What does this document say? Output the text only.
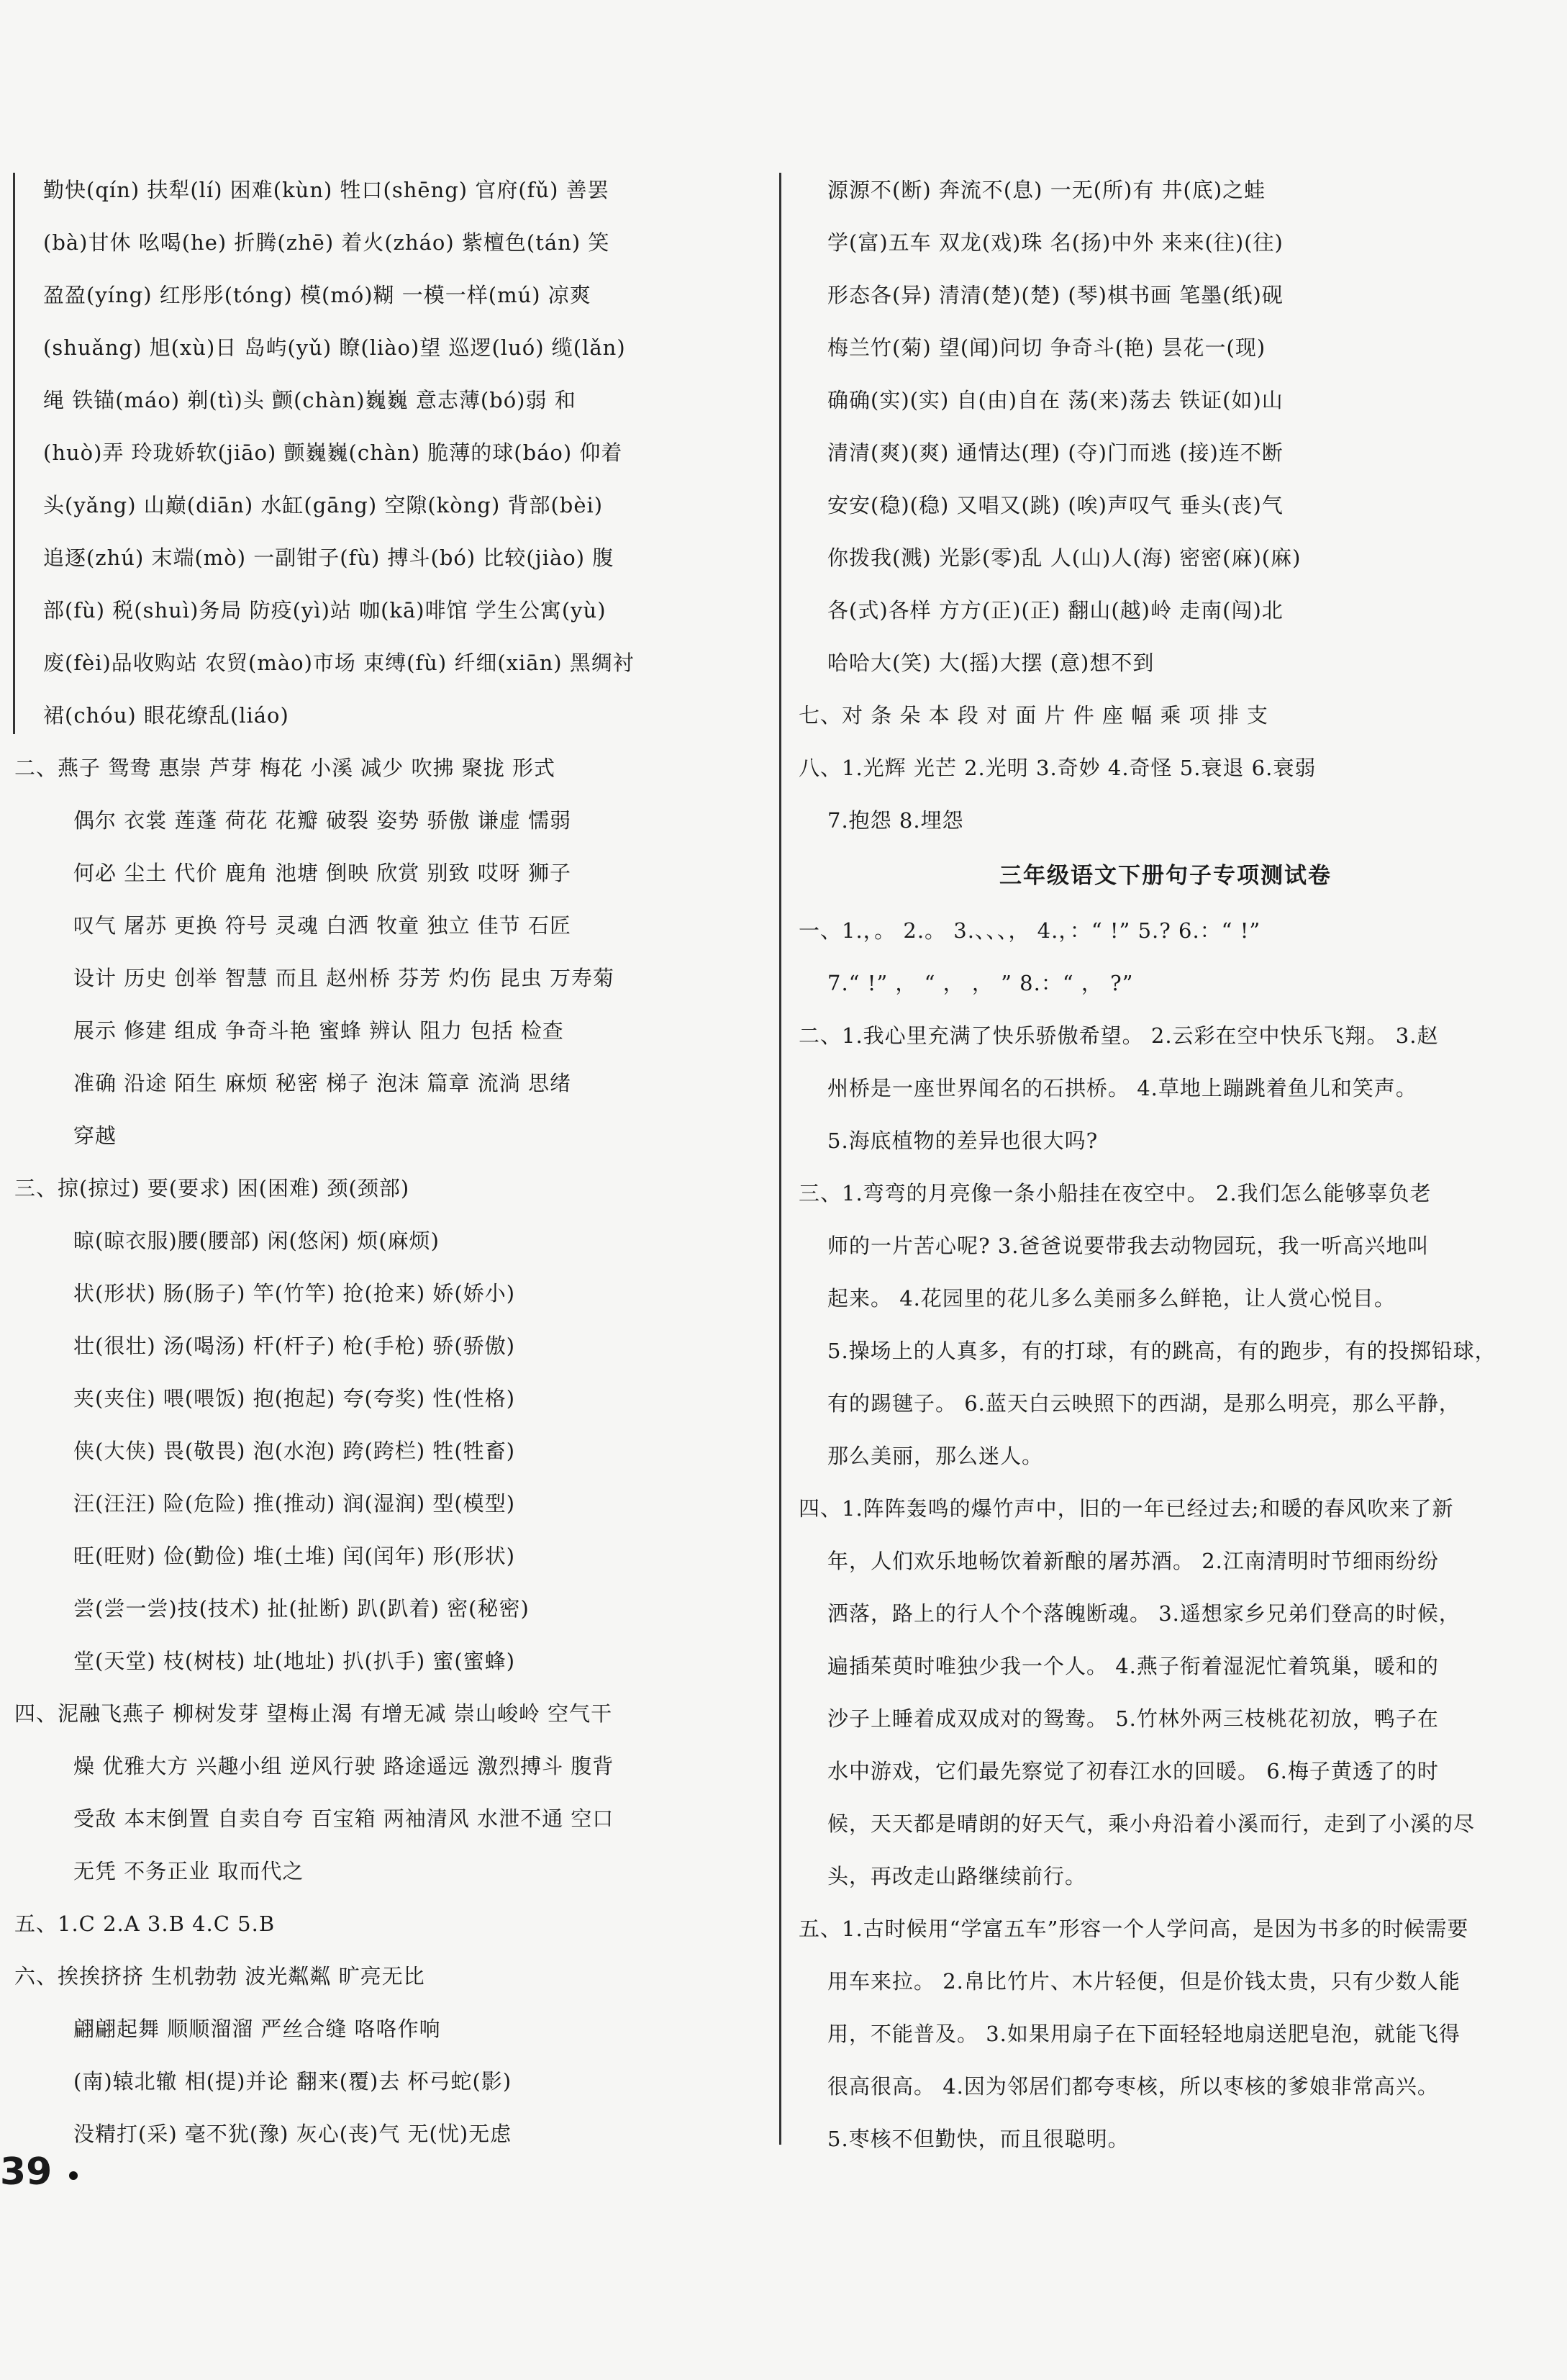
勤快(qín) 扶犁(lí) 困难(kùn) 牲口(shēng) 官府(fǔ) 善罢
(bà)甘休 吆喝(he) 折腾(zhē) 着火(zháo) 紫檀色(tán) 笑
盈盈(yíng) 红彤彤(tóng) 模(mó)糊 一模一样(mú) 凉爽
(shuǎng) 旭(xù)日 岛屿(yǔ) 瞭(liào)望 巡逻(luó) 缆(lǎn)
绳 铁锚(máo) 剃(tì)头 颤(chàn)巍巍 意志薄(bó)弱 和
(huò)弄 玲珑娇软(jiāo) 颤巍巍(chàn) 脆薄的球(báo) 仰着
头(yǎng) 山巅(diān) 水缸(gāng) 空隙(kòng) 背部(bèi)
追逐(zhú) 末端(mò) 一副钳子(fù) 搏斗(bó) 比较(jiào) 腹
部(fù) 税(shuì)务局 防疫(yì)站 咖(kā)啡馆 学生公寓(yù)
废(fèi)品收购站 农贸(mào)市场 束缚(fù) 纤细(xiān) 黑绸衬
裙(chóu) 眼花缭乱(liáo)
二、燕子 鸳鸯 惠崇 芦芽 梅花 小溪 减少 吹拂 聚拢 形式
偶尔 衣裳 莲蓬 荷花 花瓣 破裂 姿势 骄傲 谦虚 懦弱
何必 尘土 代价 鹿角 池塘 倒映 欣赏 别致 哎呀 狮子
叹气 屠苏 更换 符号 灵魂 白洒 牧童 独立 佳节 石匠
设计 历史 创举 智慧 而且 赵州桥 芬芳 灼伤 昆虫 万寿菊
展示 修建 组成 争奇斗艳 蜜蜂 辨认 阻力 包括 检查
准确 沿途 陌生 麻烦 秘密 梯子 泡沫 篇章 流淌 思绪
穿越
三、掠(掠过) 要(要求) 困(困难) 颈(颈部)
晾(晾衣服)腰(腰部) 闲(悠闲) 烦(麻烦)
状(形状) 肠(肠子) 竿(竹竿) 抢(抢来) 娇(娇小)
壮(很壮) 汤(喝汤) 杆(杆子) 枪(手枪) 骄(骄傲)
夹(夹住) 喂(喂饭) 抱(抱起) 夸(夸奖) 性(性格)
侠(大侠) 畏(敬畏) 泡(水泡) 跨(跨栏) 牲(牲畜)
汪(汪汪) 险(危险) 推(推动) 润(湿润) 型(模型)
旺(旺财) 俭(勤俭) 堆(土堆) 闰(闰年) 形(形状)
尝(尝一尝)技(技术) 扯(扯断) 趴(趴着) 密(秘密)
堂(天堂) 枝(树枝) 址(地址) 扒(扒手) 蜜(蜜蜂)
四、泥融飞燕子 柳树发芽 望梅止渴 有增无减 崇山峻岭 空气干
燥 优雅大方 兴趣小组 逆风行驶 路途遥远 激烈搏斗 腹背
受敌 本末倒置 自卖自夸 百宝箱 两袖清风 水泄不通 空口
无凭 不务正业 取而代之
五、1.C 2.A 3.B 4.C 5.B
六、挨挨挤挤 生机勃勃 波光粼粼 旷亮无比
翩翩起舞 顺顺溜溜 严丝合缝 咯咯作响
(南)辕北辙 相(提)并论 翻来(覆)去 杯弓蛇(影)
没精打(采) 毫不犹(豫) 灰心(丧)气 无(忧)无虑
源源不(断) 奔流不(息) 一无(所)有 井(底)之蛙
学(富)五车 双龙(戏)珠 名(扬)中外 来来(往)(往)
形态各(异) 清清(楚)(楚) (琴)棋书画 笔墨(纸)砚
梅兰竹(菊) 望(闻)问切 争奇斗(艳) 昙花一(现)
确确(实)(实) 自(由)自在 荡(来)荡去 铁证(如)山
清清(爽)(爽) 通情达(理) (夺)门而逃 (接)连不断
安安(稳)(稳) 又唱又(跳) (唉)声叹气 垂头(丧)气
你拨我(溅) 光影(零)乱 人(山)人(海) 密密(麻)(麻)
各(式)各样 方方(正)(正) 翻山(越)岭 走南(闯)北
哈哈大(笑) 大(摇)大摆 (意)想不到
七、对 条 朵 本 段 对 面 片 件 座 幅 乘 项 排 支
八、1.光辉 光芒 2.光明 3.奇妙 4.奇怪 5.衰退 6.衰弱
7.抱怨 8.埋怨
三年级语文下册句子专项测试卷
一、1.，。 2.。 3.、、、， 4.，：“ !” 5.? 6.：“ !”
7.“ !” ， “ ， ， ” 8.：“ ， ?”
二、1.我心里充满了快乐骄傲希望。 2.云彩在空中快乐飞翔。 3.赵
州桥是一座世界闻名的石拱桥。 4.草地上蹦跳着鱼儿和笑声。
5.海底植物的差异也很大吗?
三、1.弯弯的月亮像一条小船挂在夜空中。 2.我们怎么能够辜负老
师的一片苦心呢? 3.爸爸说要带我去动物园玩，我一听高兴地叫
起来。 4.花园里的花儿多么美丽多么鲜艳，让人赏心悦目。
5.操场上的人真多，有的打球，有的跳高，有的跑步，有的投掷铅球，
有的踢毽子。 6.蓝天白云映照下的西湖，是那么明亮，那么平静，
那么美丽，那么迷人。
四、1.阵阵轰鸣的爆竹声中，旧的一年已经过去;和暖的春风吹来了新
年，人们欢乐地畅饮着新酿的屠苏酒。 2.江南清明时节细雨纷纷
洒落，路上的行人个个落魄断魂。 3.遥想家乡兄弟们登高的时候，
遍插茱萸时唯独少我一个人。 4.燕子衔着湿泥忙着筑巢，暖和的
沙子上睡着成双成对的鸳鸯。 5.竹林外两三枝桃花初放，鸭子在
水中游戏，它们最先察觉了初春江水的回暖。 6.梅子黄透了的时
候，天天都是晴朗的好天气，乘小舟沿着小溪而行，走到了小溪的尽
头，再改走山路继续前行。
五、1.古时候用“学富五车”形容一个人学问高，是因为书多的时候需要
用车来拉。 2.帛比竹片、木片轻便，但是价钱太贵，只有少数人能
用，不能普及。 3.如果用扇子在下面轻轻地扇送肥皂泡，就能飞得
很高很高。 4.因为邻居们都夸枣核，所以枣核的爹娘非常高兴。
5.枣核不但勤快，而且很聪明。
39
